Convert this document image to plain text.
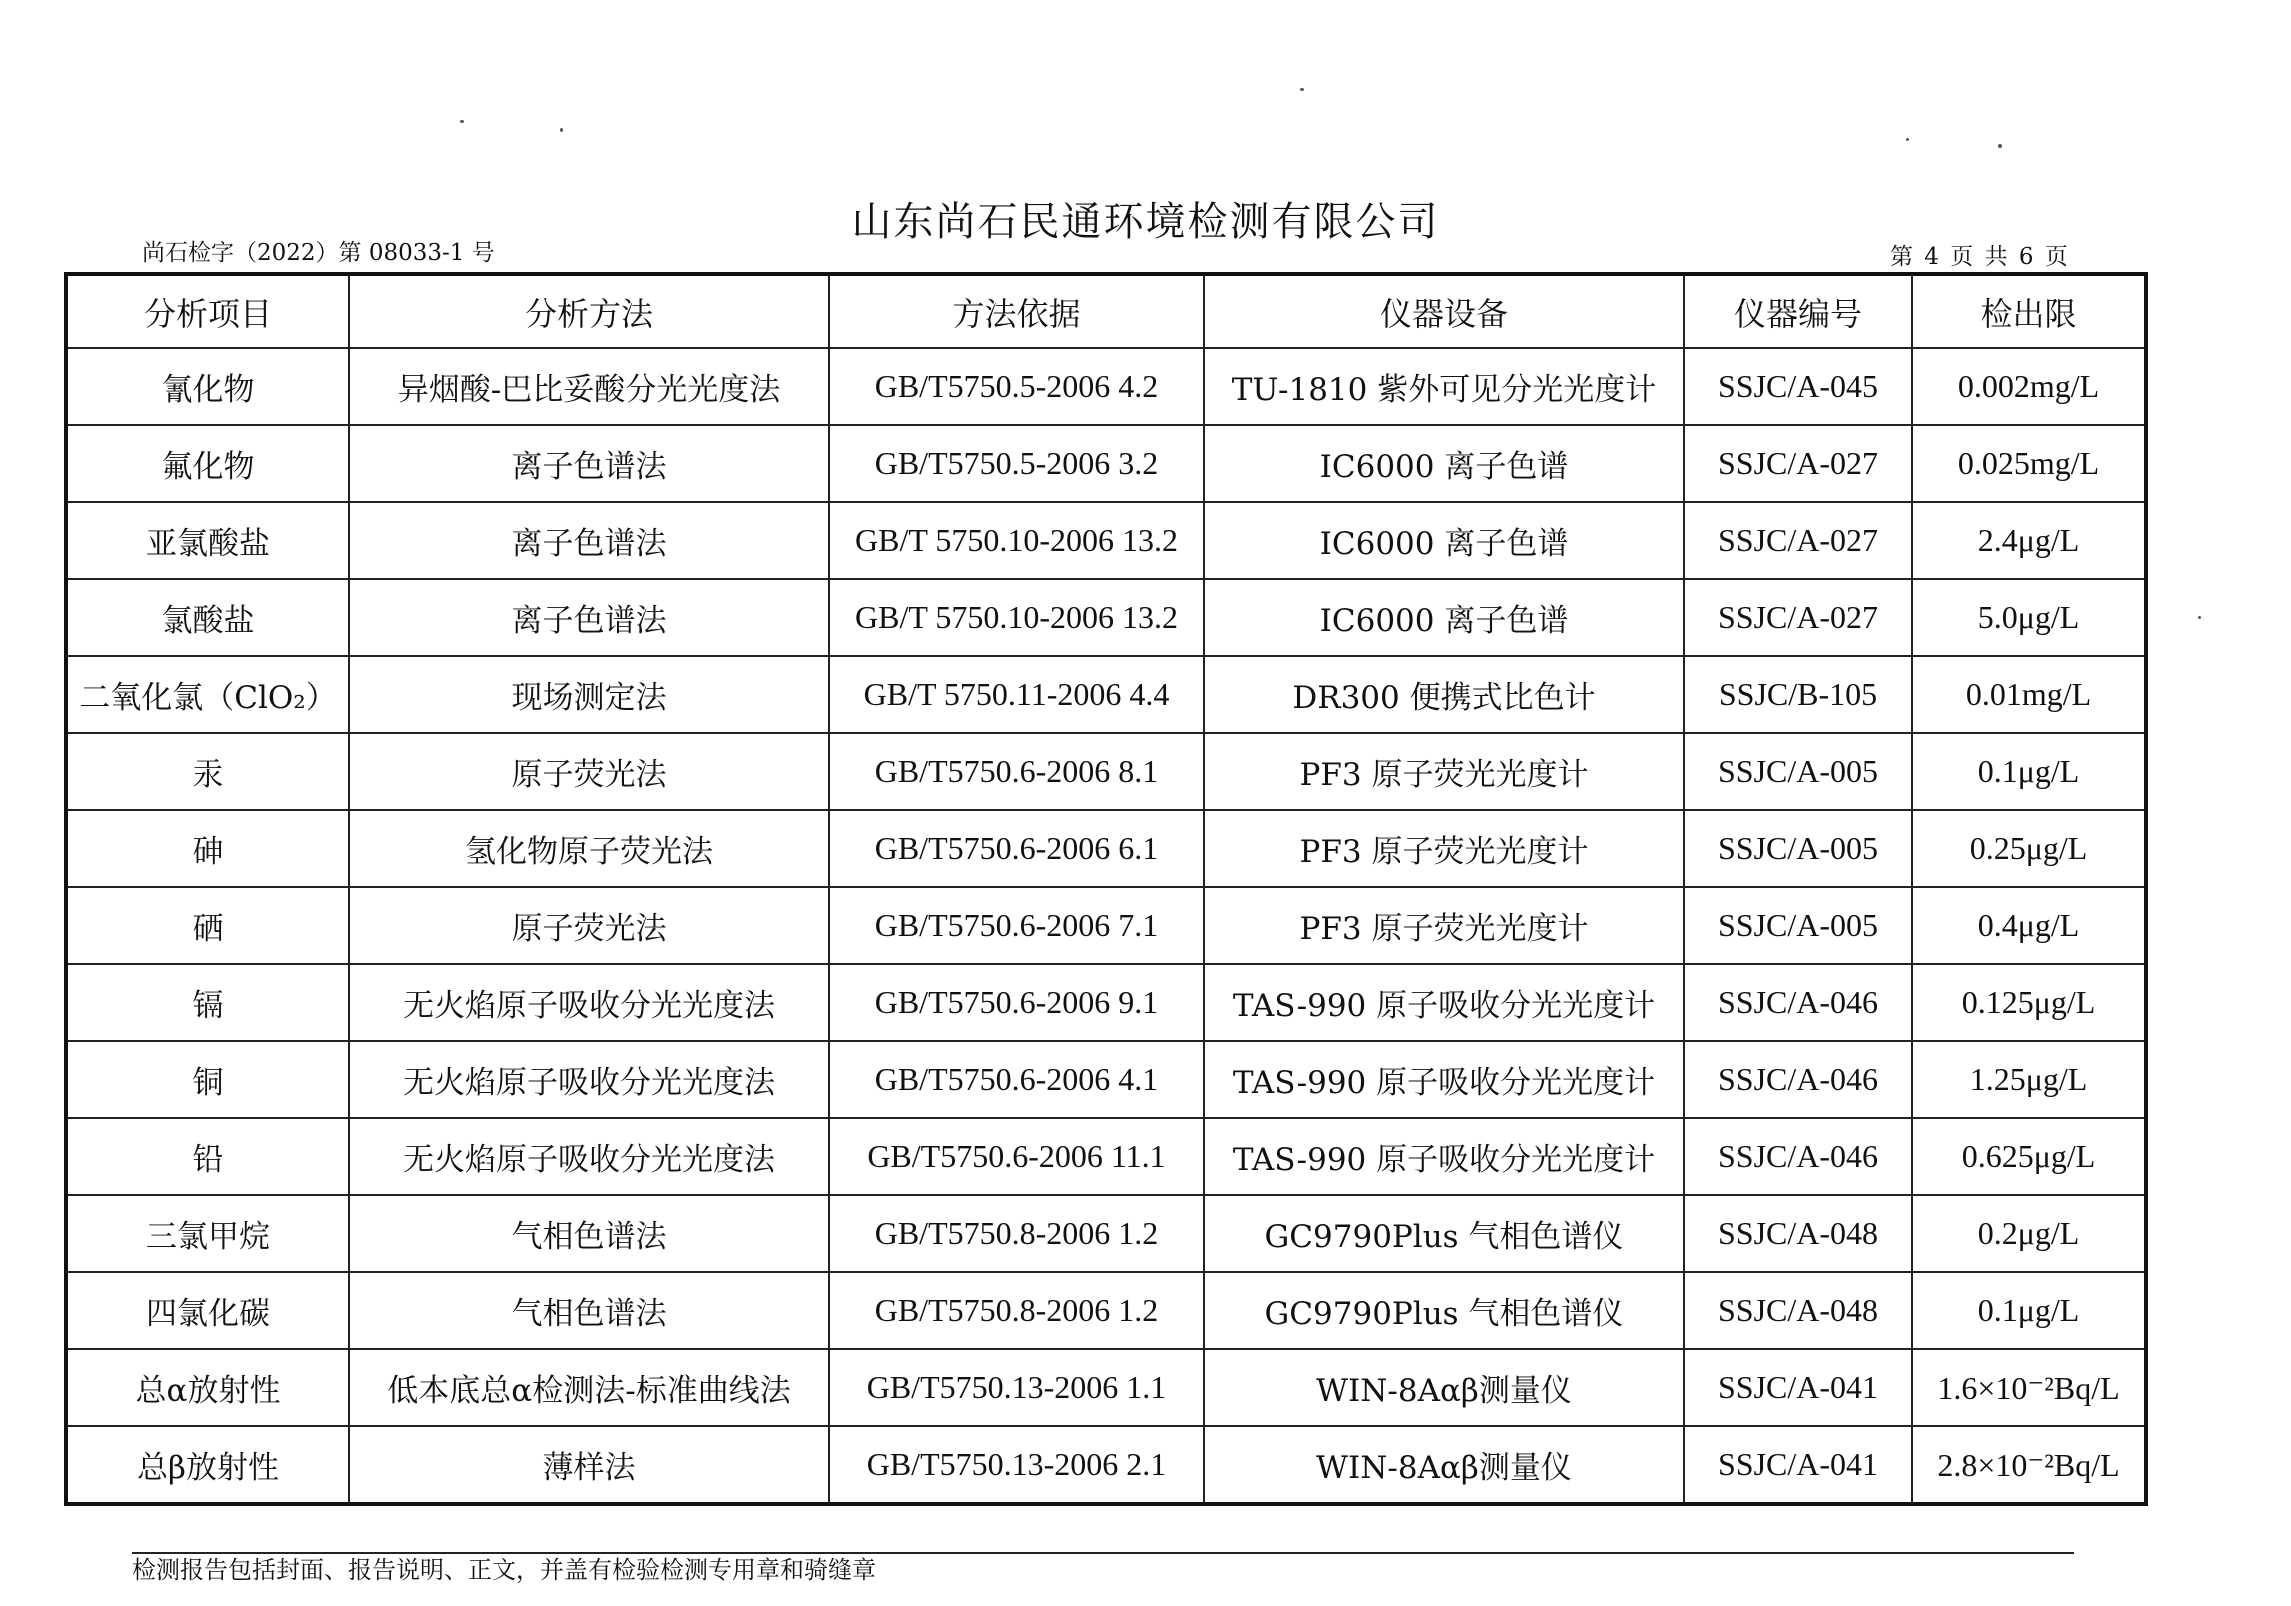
山东尚石民通环境检测有限公司
尚石检字（2022）第 08033-1 号	第 4 页 共 6 页
分析项目	分析方法	方法依据	仪器设备	仪器编号	检出限
氰化物	异烟酸-巴比妥酸分光光度法	GB/T5750.5-2006 4.2	TU-1810 紫外可见分光光度计	SSJC/A-045	0.002mg/L
氟化物	离子色谱法	GB/T5750.5-2006 3.2	IC6000 离子色谱	SSJC/A-027	0.025mg/L
亚氯酸盐	离子色谱法	GB/T 5750.10-2006 13.2	IC6000 离子色谱	SSJC/A-027	2.4μg/L
氯酸盐	离子色谱法	GB/T 5750.10-2006 13.2	IC6000 离子色谱	SSJC/A-027	5.0μg/L
二氧化氯（ClO₂）	现场测定法	GB/T 5750.11-2006 4.4	DR300 便携式比色计	SSJC/B-105	0.01mg/L
汞	原子荧光法	GB/T5750.6-2006 8.1	PF3 原子荧光光度计	SSJC/A-005	0.1μg/L
砷	氢化物原子荧光法	GB/T5750.6-2006 6.1	PF3 原子荧光光度计	SSJC/A-005	0.25μg/L
硒	原子荧光法	GB/T5750.6-2006 7.1	PF3 原子荧光光度计	SSJC/A-005	0.4μg/L
镉	无火焰原子吸收分光光度法	GB/T5750.6-2006 9.1	TAS-990 原子吸收分光光度计	SSJC/A-046	0.125μg/L
铜	无火焰原子吸收分光光度法	GB/T5750.6-2006 4.1	TAS-990 原子吸收分光光度计	SSJC/A-046	1.25μg/L
铅	无火焰原子吸收分光光度法	GB/T5750.6-2006 11.1	TAS-990 原子吸收分光光度计	SSJC/A-046	0.625μg/L
三氯甲烷	气相色谱法	GB/T5750.8-2006 1.2	GC9790Plus 气相色谱仪	SSJC/A-048	0.2μg/L
四氯化碳	气相色谱法	GB/T5750.8-2006 1.2	GC9790Plus 气相色谱仪	SSJC/A-048	0.1μg/L
总α放射性	低本底总α检测法-标准曲线法	GB/T5750.13-2006 1.1	WIN-8Aαβ测量仪	SSJC/A-041	1.6×10⁻²Bq/L
总β放射性	薄样法	GB/T5750.13-2006 2.1	WIN-8Aαβ测量仪	SSJC/A-041	2.8×10⁻²Bq/L
检测报告包括封面、报告说明、正文，并盖有检验检测专用章和骑缝章
